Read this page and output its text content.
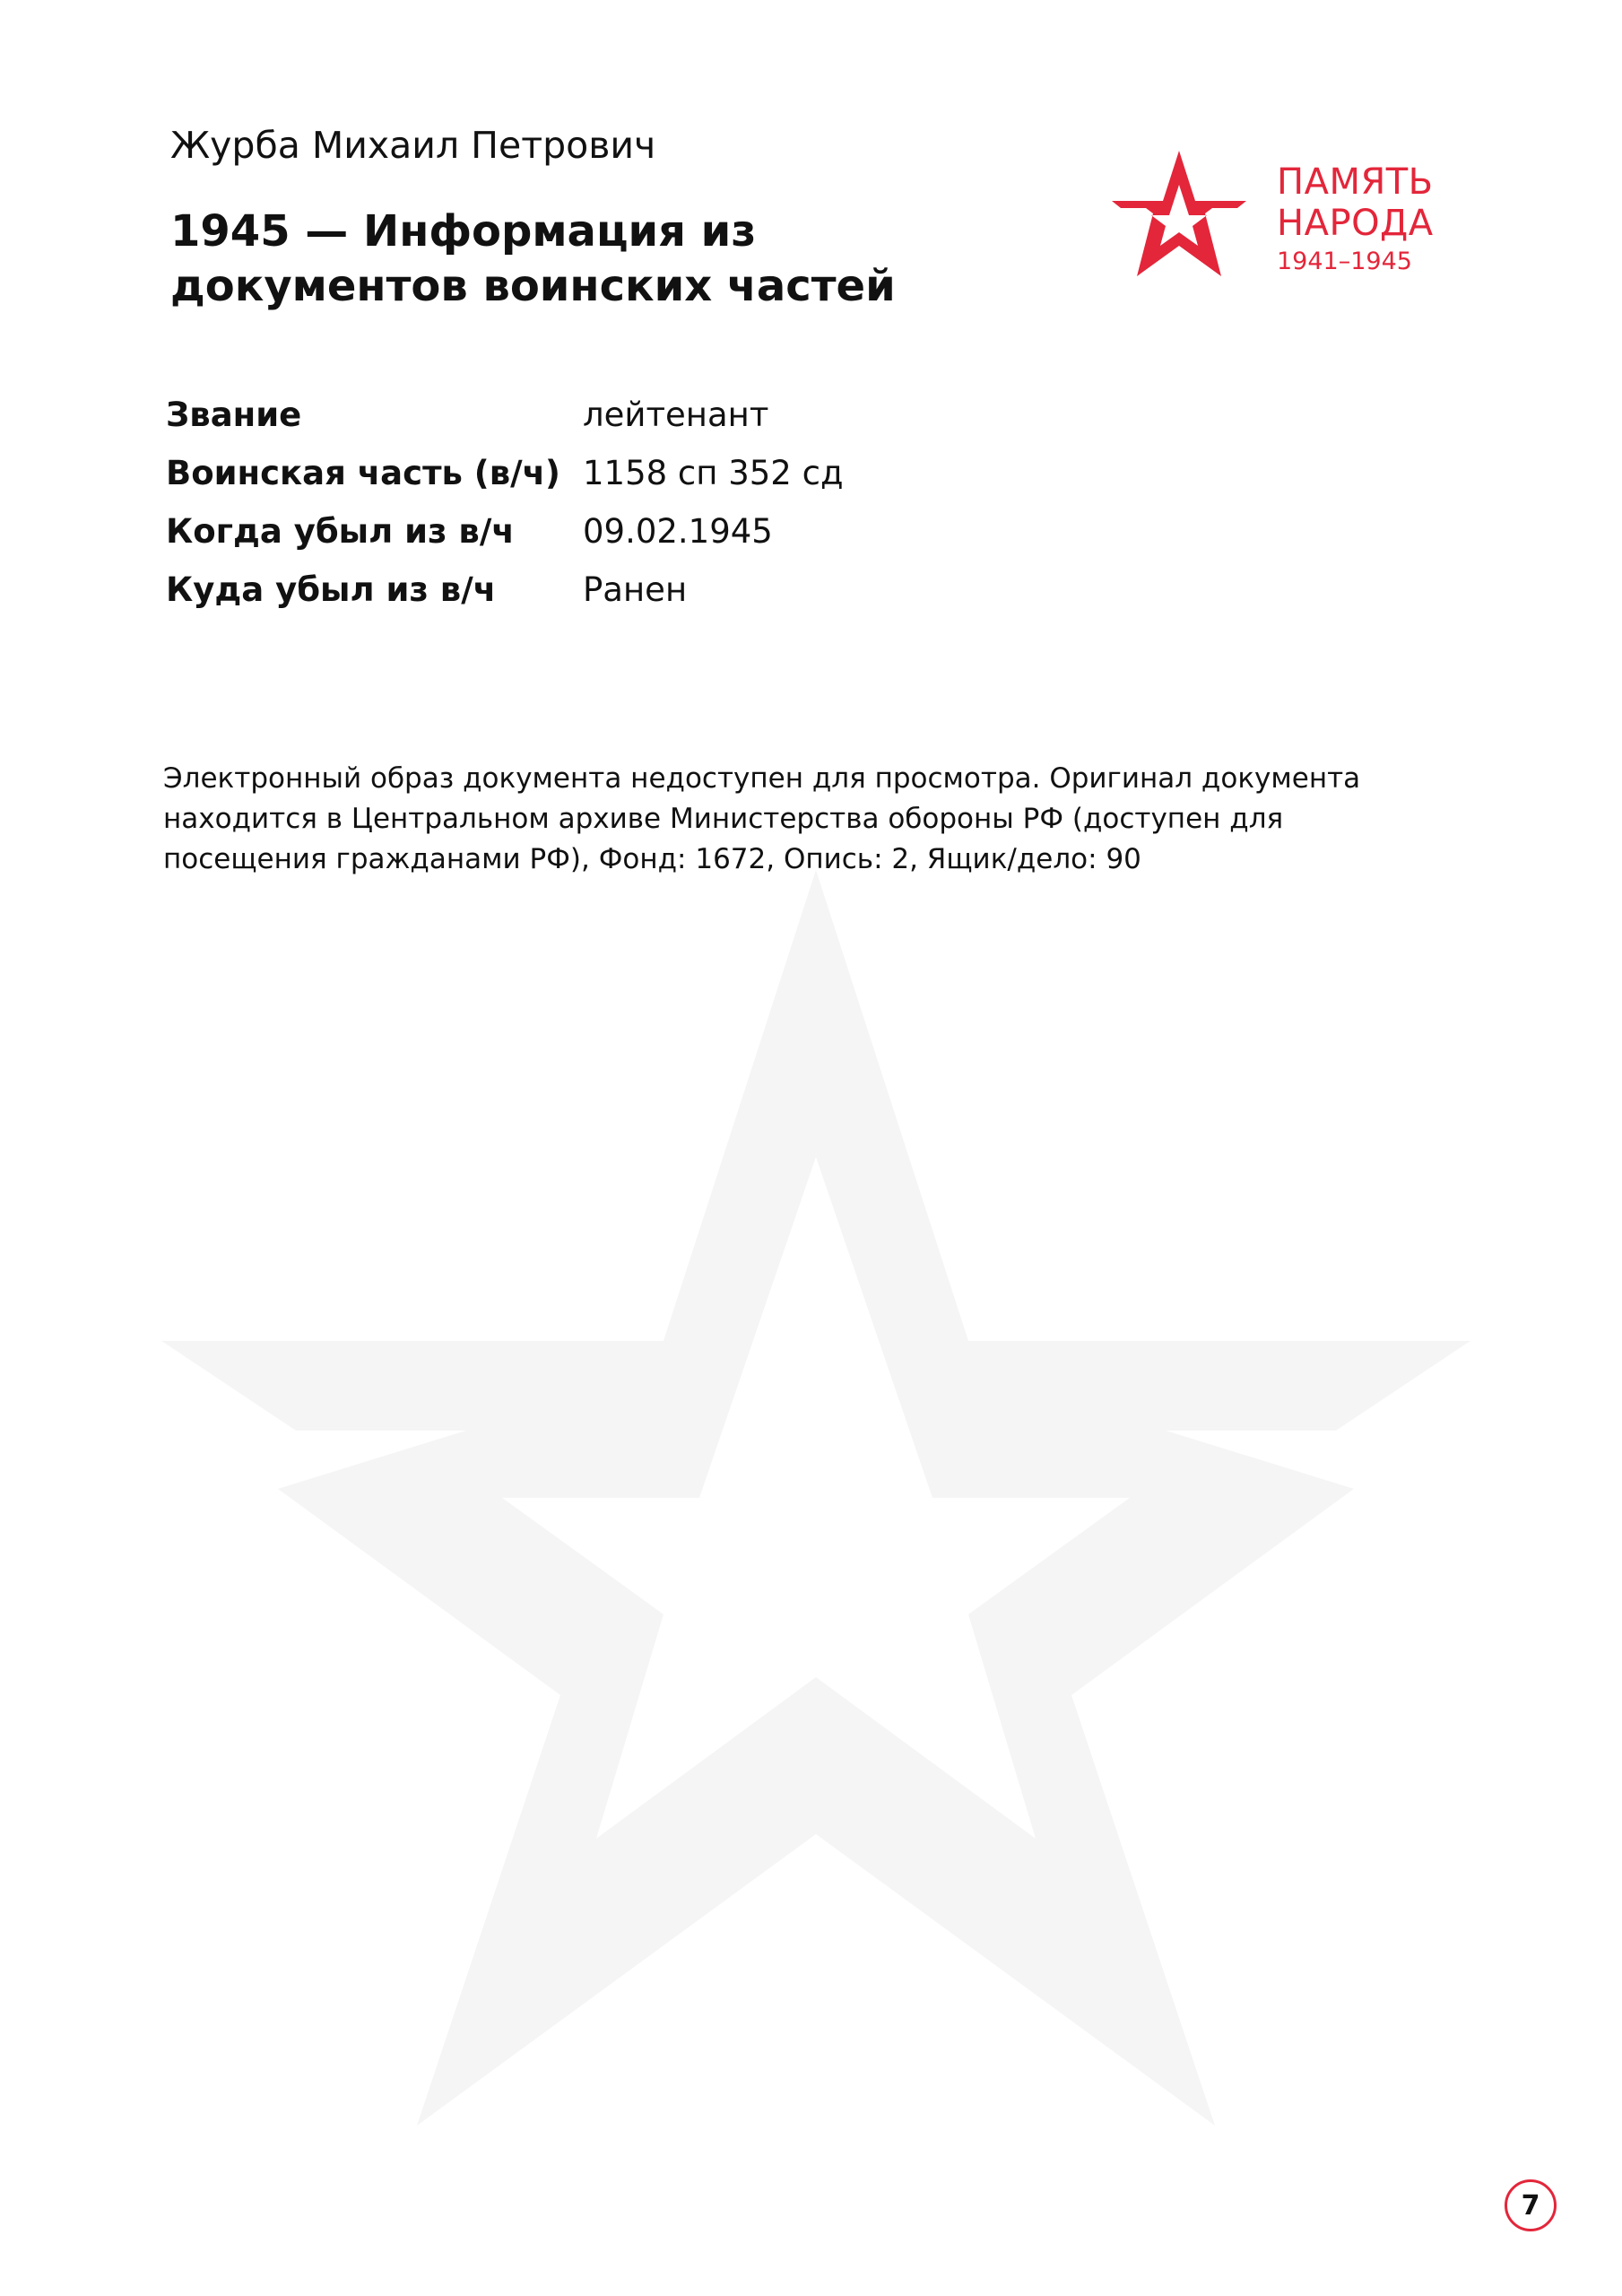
Журба Михаил Петрович
1945 — Информация из документов воинских частей
ПАМЯТЬ
НАРОДА
1941–1945
Звание	лейтенант
Воинская часть (в/ч) 1158 сп 352 сд
Когда убыл из в/ч	09.02.1945
Куда убыл из в/ч	Ранен

Электронный образ документа недоступен для просмотра. Оригинал документа находится в Центральном архиве Министерства обороны РФ (доступен для посещения гражданами РФ), Фонд: 1672, Опись: 2, Ящик/дело: 90

7
